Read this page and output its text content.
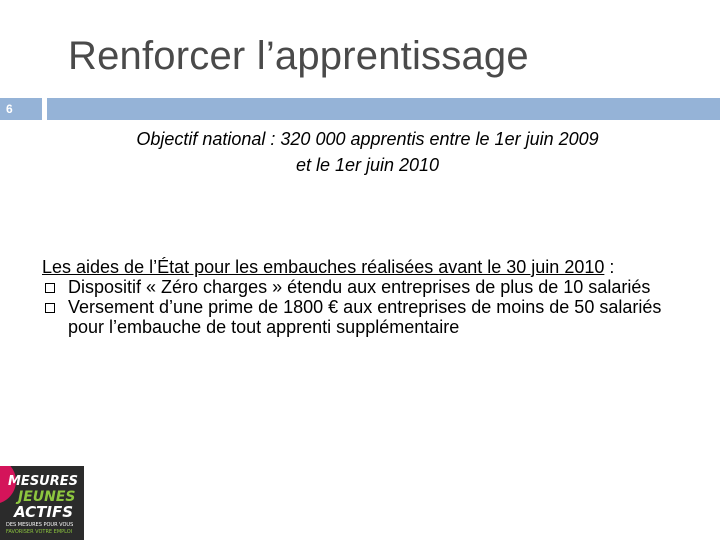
Renforcer l’apprentissage
6
Objectif national : 320 000 apprentis entre le 1er juin 2009
et le 1er juin 2010
Les aides de l’État pour les embauches réalisées avant le 30 juin 2010 :
Dispositif « Zéro charges » étendu aux entreprises de plus de 10 salariés
Versement d’une prime de 1800 € aux entreprises de moins de 50 salariés pour l’embauche de tout apprenti supplémentaire
MESURES
JEUNES
ACTIFS
DES MESURES POUR VOUS
FAVORISER VOTRE EMPLOI
